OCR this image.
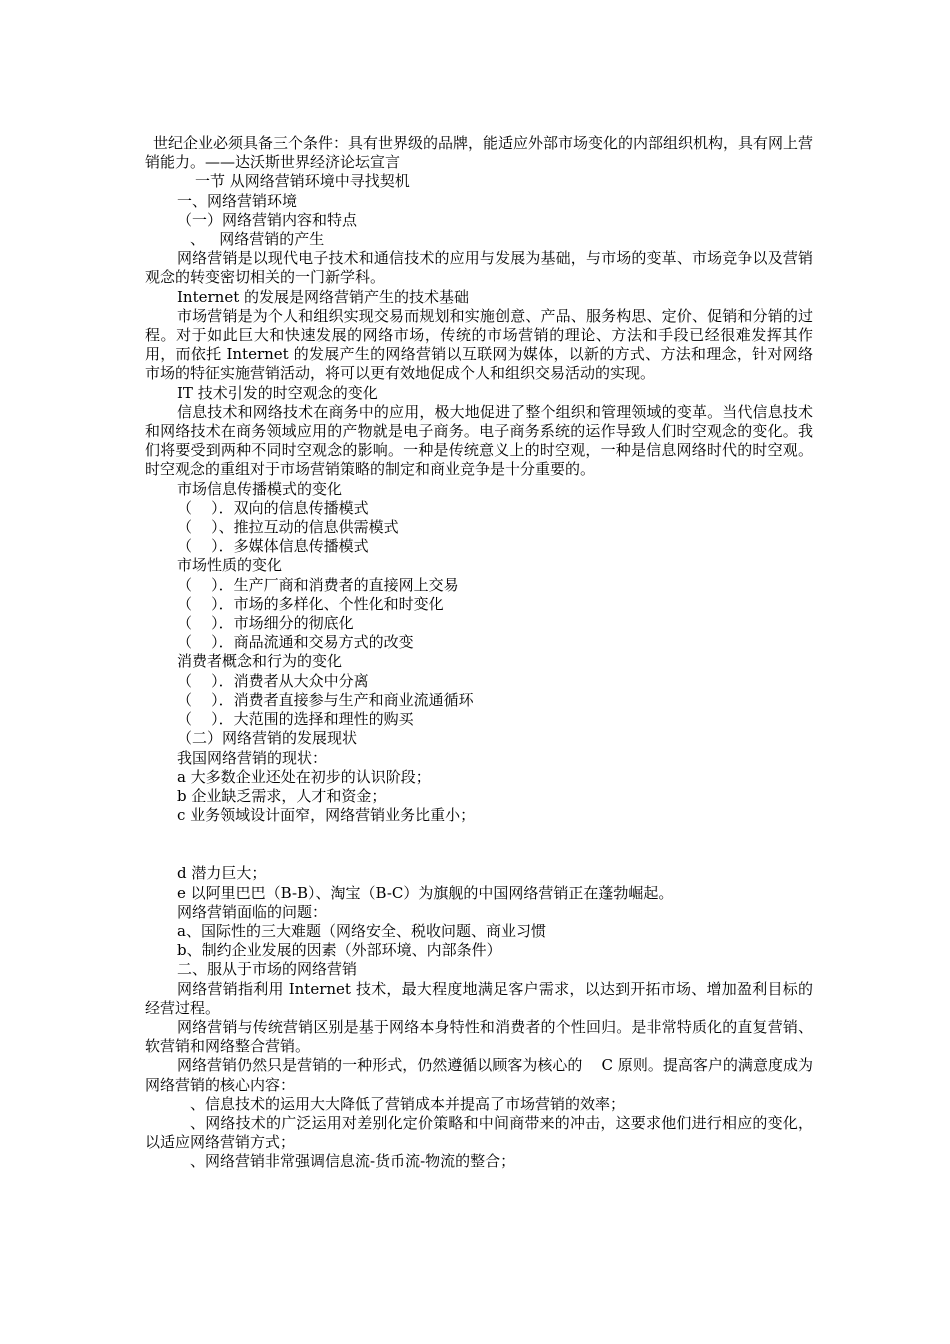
世纪企业必须具备三个条件：具有世界级的品牌，能适应外部市场变化的内部组织机构，具有网上营销能力。——达沃斯世界经济论坛宣言

一节 从网络营销环境中寻找契机

一、网络营销环境

（一）网络营销内容和特点

、   网络营销的产生

网络营销是以现代电子技术和通信技术的应用与发展为基础，与市场的变革、市场竞争以及营销观念的转变密切相关的一门新学科。

Internet 的发展是网络营销产生的技术基础

市场营销是为个人和组织实现交易而规划和实施创意、产品、服务构思、定价、促销和分销的过程。对于如此巨大和快速发展的网络市场，传统的市场营销的理论、方法和手段已经很难发挥其作用，而依托 Internet 的发展产生的网络营销以互联网为媒体，以新的方式、方法和理念，针对网络市场的特征实施营销活动，将可以更有效地促成个人和组织交易活动的实现。

IT 技术引发的时空观念的变化

信息技术和网络技术在商务中的应用，极大地促进了整个组织和管理领域的变革。当代信息技术和网络技术在商务领域应用的产物就是电子商务。电子商务系统的运作导致人们时空观念的变化。我们将要受到两种不同时空观念的影响。一种是传统意义上的时空观，一种是信息网络时代的时空观。时空观念的重组对于市场营销策略的制定和商业竞争是十分重要的。

市场信息传播模式的变化

（    ）．双向的信息传播模式

（    ）、推拉互动的信息供需模式

（    ）．多媒体信息传播模式

市场性质的变化

（    ）．生产厂商和消费者的直接网上交易

（    ）．市场的多样化、个性化和时变化

（    ）．市场细分的彻底化

（    ）．商品流通和交易方式的改变

消费者概念和行为的变化

（    ）．消费者从大众中分离

（    ）．消费者直接参与生产和商业流通循环

（    ）．大范围的选择和理性的购买

（二）网络营销的发展现状

我国网络营销的现状：

a 大多数企业还处在初步的认识阶段；

b 企业缺乏需求，人才和资金；

c 业务领域设计面窄，网络营销业务比重小；

d 潜力巨大；

e 以阿里巴巴（B-B）、淘宝（B-C）为旗舰的中国网络营销正在蓬勃崛起。

网络营销面临的问题：

a、国际性的三大难题（网络安全、税收问题、商业习惯

b、制约企业发展的因素（外部环境、内部条件）

二、服从于市场的网络营销

网络营销指利用 Internet 技术，最大程度地满足客户需求，以达到开拓市场、增加盈利目标的经营过程。

网络营销与传统营销区别是基于网络本身特性和消费者的个性回归。是非常特质化的直复营销、软营销和网络整合营销。

网络营销仍然只是营销的一种形式，仍然遵循以顾客为核心的    C 原则。提高客户的满意度成为网络营销的核心内容：

、信息技术的运用大大降低了营销成本并提高了市场营销的效率；

、网络技术的广泛运用对差别化定价策略和中间商带来的冲击，这要求他们进行相应的变化，以适应网络营销方式；

、网络营销非常强调信息流-货币流-物流的整合；
